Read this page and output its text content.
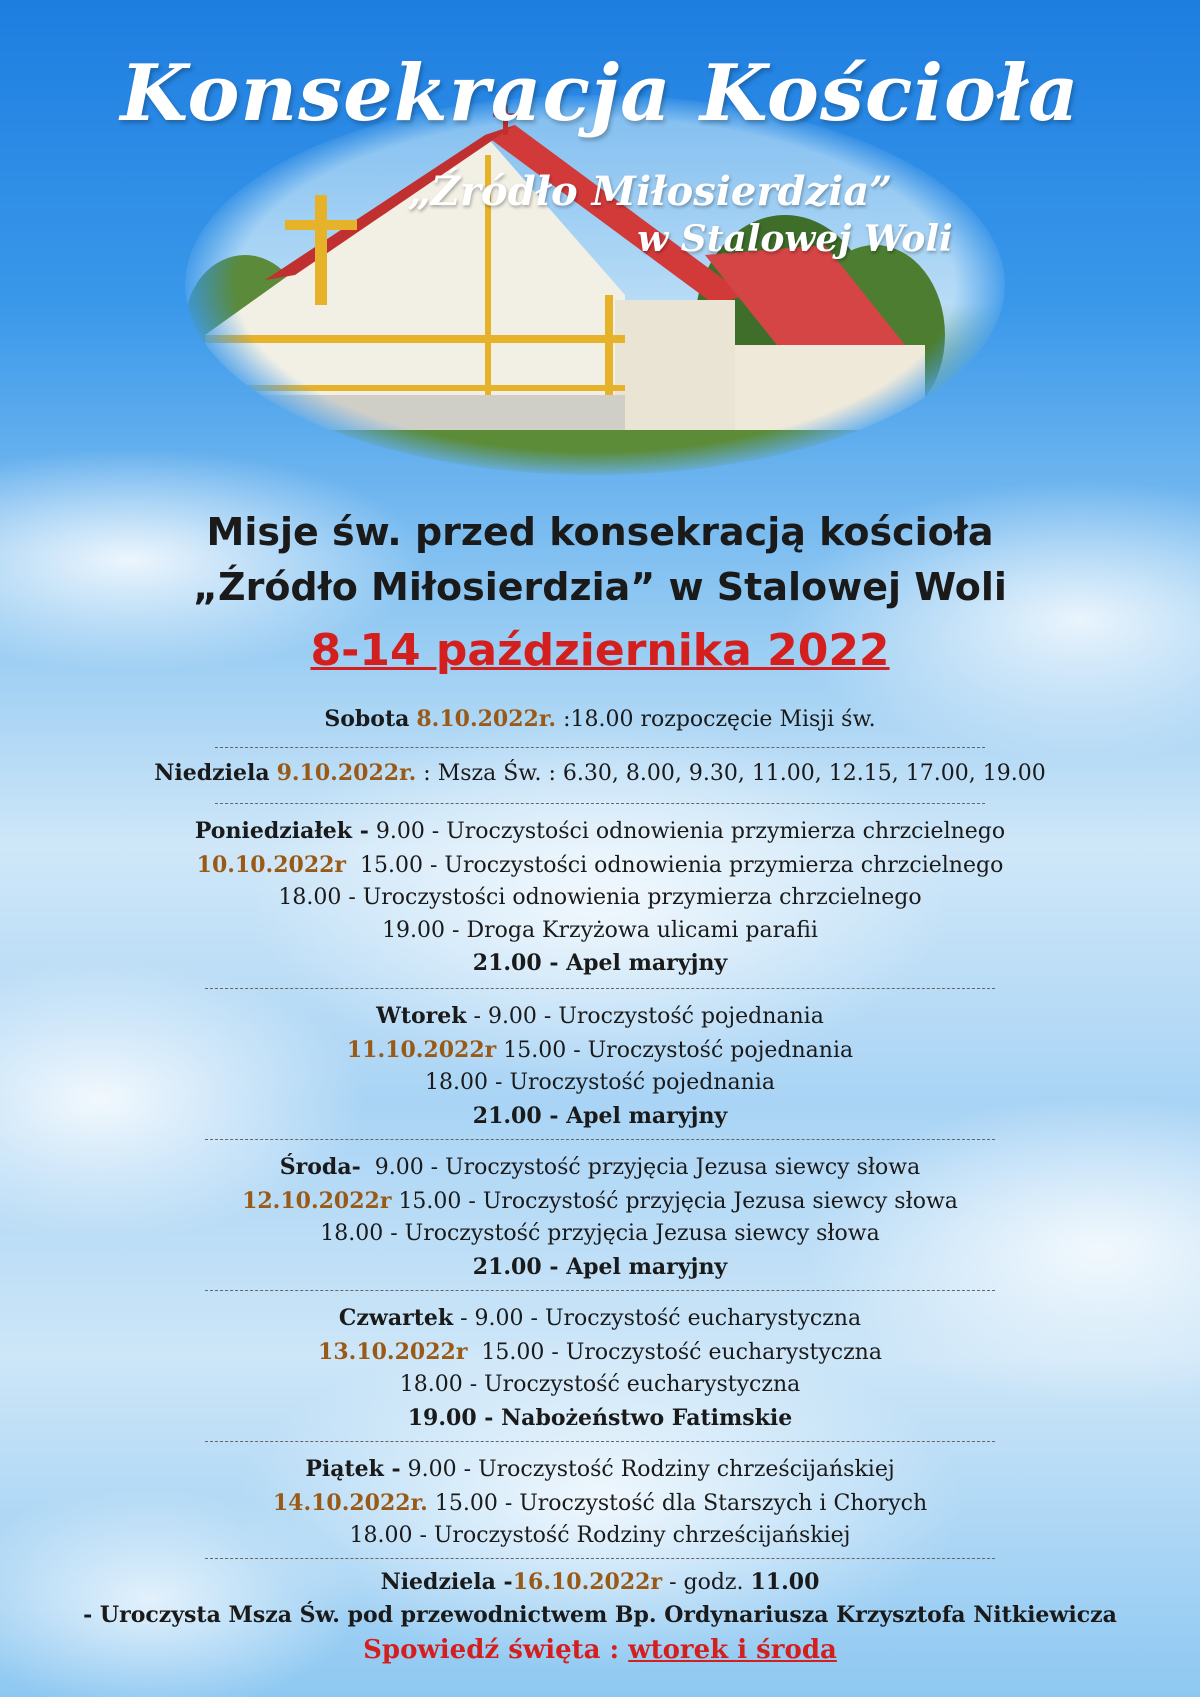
Konsekracja Kościoła
„Źródło Miłosierdzia”
w Stalowej Woli
Misje św. przed konsekracją kościoła
„Źródło Miłosierdzia” w Stalowej Woli
8-14 października 2022
Sobota 8.10.2022r. :18.00 rozpoczęcie Misji św.
Niedziela 9.10.2022r. : Msza Św. : 6.30, 8.00, 9.30, 11.00, 12.15, 17.00, 19.00
Poniedziałek - 9.00 - Uroczystości odnowienia przymierza chrzcielnego
10.10.2022r 15.00 - Uroczystości odnowienia przymierza chrzcielnego
18.00 - Uroczystości odnowienia przymierza chrzcielnego
19.00 - Droga Krzyżowa ulicami parafii
21.00 - Apel maryjny
Wtorek - 9.00 - Uroczystość pojednania
11.10.2022r 15.00 - Uroczystość pojednania
18.00 - Uroczystość pojednania
21.00 - Apel maryjny
Środa- 9.00 - Uroczystość przyjęcia Jezusa siewcy słowa
12.10.2022r 15.00 - Uroczystość przyjęcia Jezusa siewcy słowa
18.00 - Uroczystość przyjęcia Jezusa siewcy słowa
21.00 - Apel maryjny
Czwartek - 9.00 - Uroczystość eucharystyczna
13.10.2022r 15.00 - Uroczystość eucharystyczna
18.00 - Uroczystość eucharystyczna
19.00 - Nabożeństwo Fatimskie
Piątek - 9.00 - Uroczystość Rodziny chrześcijańskiej
14.10.2022r. 15.00 - Uroczystość dla Starszych i Chorych
18.00 - Uroczystość Rodziny chrześcijańskiej
Niedziela -16.10.2022r - godz. 11.00
- Uroczysta Msza Św. pod przewodnictwem Bp. Ordynariusza Krzysztofa Nitkiewicza
Spowiedź święta : wtorek i środa
